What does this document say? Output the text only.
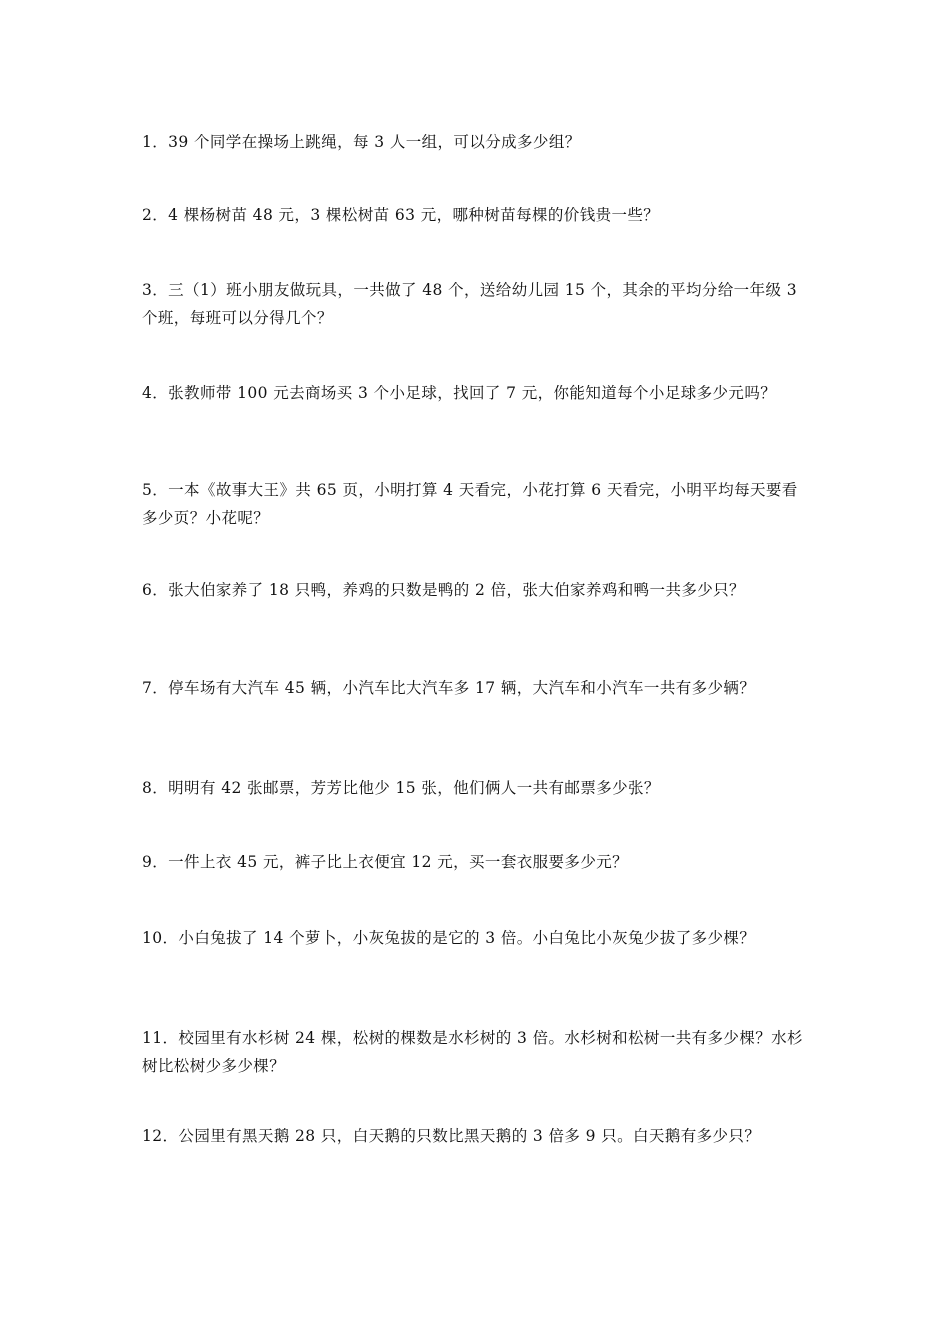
1．39 个同学在操场上跳绳，每 3 人一组，可以分成多少组？

2．4 棵杨树苗 48 元，3 棵松树苗 63 元，哪种树苗每棵的价钱贵一些？

3．三（1）班小朋友做玩具，一共做了 48 个，送给幼儿园 15 个，其余的平均分给一年级 3 个班，每班可以分得几个？

4．张教师带 100 元去商场买 3 个小足球，找回了 7 元，你能知道每个小足球多少元吗？

5．一本《故事大王》共 65 页，小明打算 4 天看完，小花打算 6 天看完，小明平均每天要看多少页？小花呢？

6．张大伯家养了 18 只鸭，养鸡的只数是鸭的 2 倍，张大伯家养鸡和鸭一共多少只？

7．停车场有大汽车 45 辆，小汽车比大汽车多 17 辆，大汽车和小汽车一共有多少辆？

8．明明有 42 张邮票，芳芳比他少 15 张，他们俩人一共有邮票多少张？

9．一件上衣 45 元，裤子比上衣便宜 12 元，买一套衣服要多少元？

10．小白兔拔了 14 个萝卜，小灰兔拔的是它的 3 倍。小白兔比小灰兔少拔了多少棵？

11．校园里有水杉树 24 棵，松树的棵数是水杉树的 3 倍。水杉树和松树一共有多少棵？水杉树比松树少多少棵？

12．公园里有黑天鹅 28 只，白天鹅的只数比黑天鹅的 3 倍多 9 只。白天鹅有多少只？
